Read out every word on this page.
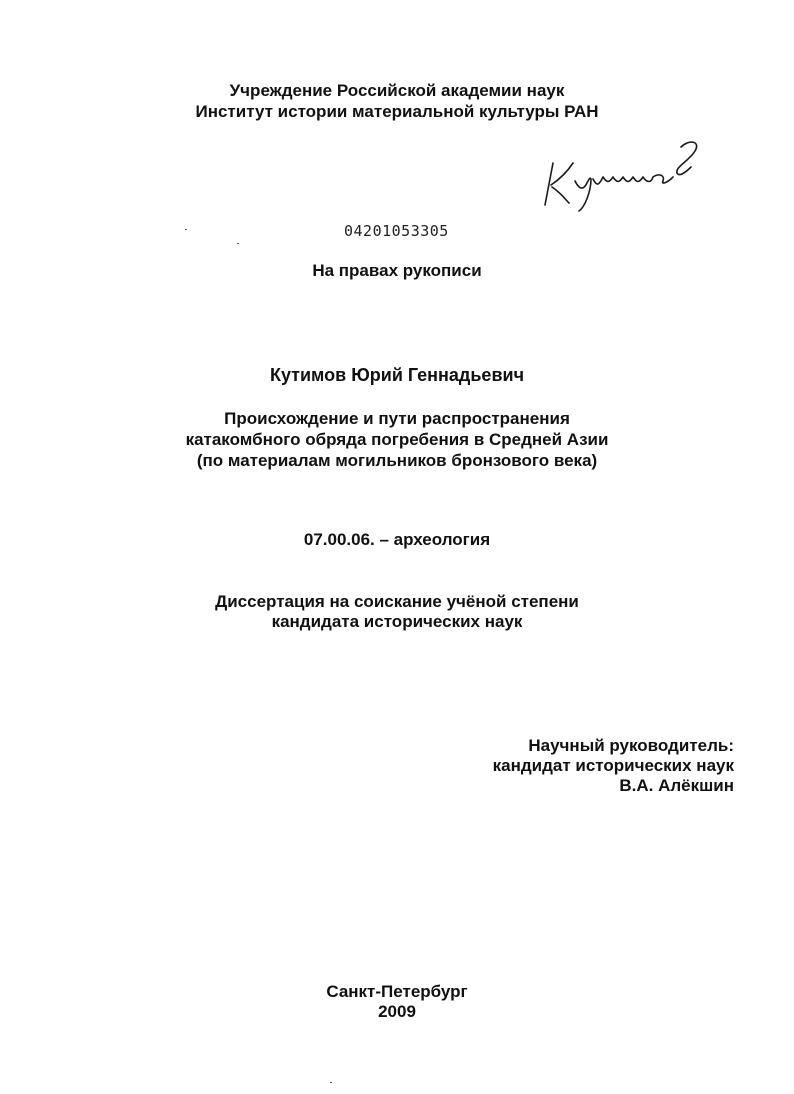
Учреждение Российской академии наук
Институт истории материальной культуры РАН
04201053305
На правах рукописи
Кутимов Юрий Геннадьевич
Происхождение и пути распространения
катакомбного обряда погребения в Средней Азии
(по материалам могильников бронзового века)
07.00.06. – археология
Диссертация на соискание учёной степени
кандидата исторических наук
Научный руководитель:
кандидат исторических наук
В.А. Алёкшин
Санкт-Петербург
2009
